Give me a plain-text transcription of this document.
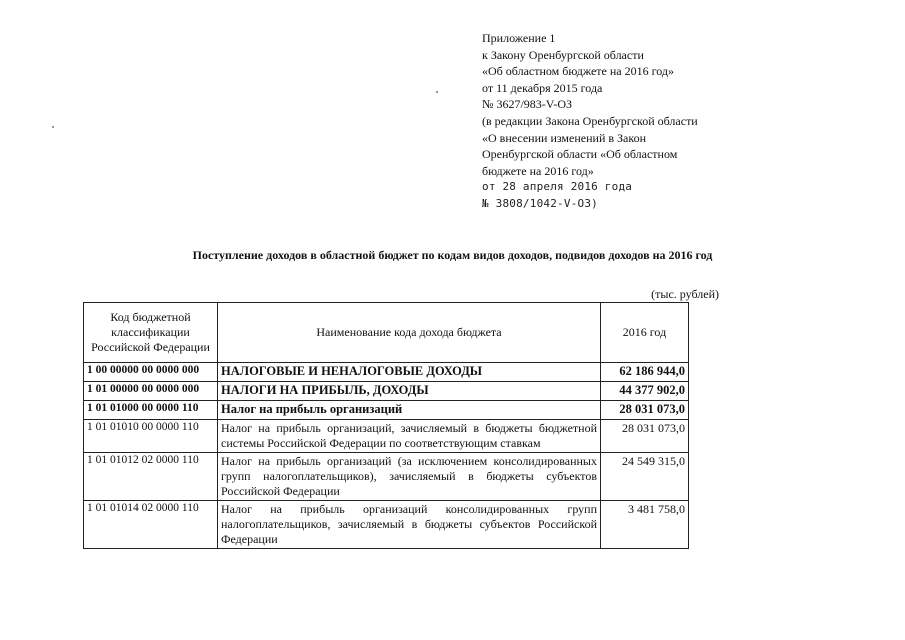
Приложение 1
к Закону Оренбургской области
«Об областном бюджете на 2016 год»
от 11 декабря 2015 года
№ 3627/983-V-ОЗ
(в редакции Закона Оренбургской области
«О внесении изменений в Закон
Оренбургской области «Об областном
бюджете на 2016 год»
от 28 апреля 2016 года
№ 3808/1042-V-ОЗ)
Поступление доходов в областной бюджет по кодам видов доходов, подвидов доходов на 2016 год
(тыс. рублей)
Код бюджетной классификации Российской Федерации	Наименование кода дохода бюджета	2016 год
1 00 00000 00 0000 000	НАЛОГОВЫЕ И НЕНАЛОГОВЫЕ ДОХОДЫ	62 186 944,0
1 01 00000 00 0000 000	НАЛОГИ НА ПРИБЫЛЬ, ДОХОДЫ	44 377 902,0
1 01 01000 00 0000 110	Налог на прибыль организаций	28 031 073,0
1 01 01010 00 0000 110	Налог на прибыль организаций, зачисляемый в бюджеты бюджетной системы Российской Федерации по соответствующим ставкам	28 031 073,0
1 01 01012 02 0000 110	Налог на прибыль организаций (за исключением консолидированных групп налогоплательщиков), зачисляемый в бюджеты субъектов Российской Федерации	24 549 315,0
1 01 01014 02 0000 110	Налог на прибыль организаций консолидированных групп налогоплательщиков, зачисляемый в бюджеты субъектов Российской Федерации	3 481 758,0
